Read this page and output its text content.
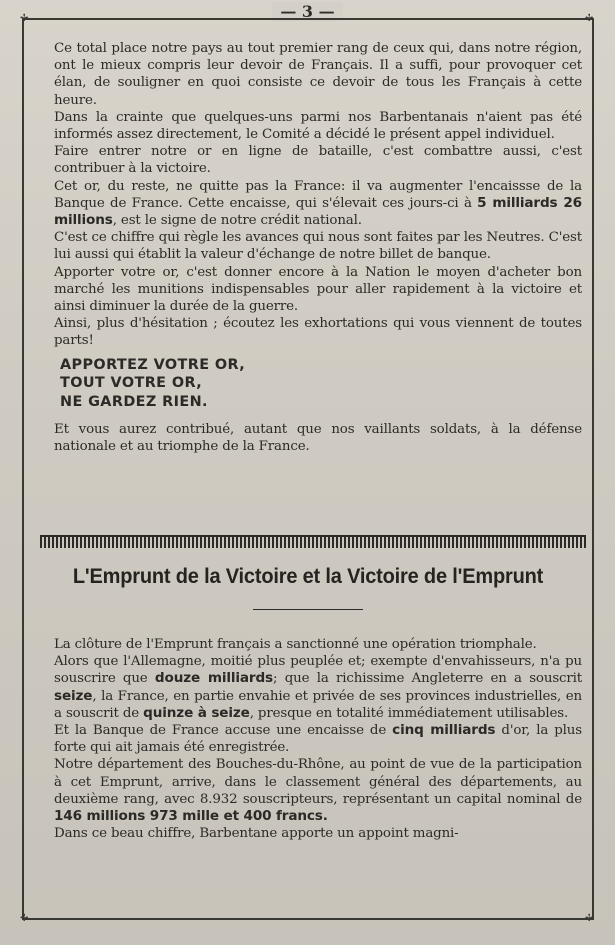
— 3 —
✢	✢
✢	✢

Ce total place notre pays au tout premier rang de ceux qui, dans notre région, ont le mieux compris leur devoir de Français. Il a suffi, pour provoquer cet élan, de souligner en quoi consiste ce devoir de tous les Français à cette heure.

Dans la crainte que quelques-uns parmi nos Barbentanais n'aient pas été informés assez directement, le Comité a décidé le présent appel individuel.

Faire entrer notre or en ligne de bataille, c'est combattre aussi, c'est contribuer à la victoire.

Cet or, du reste, ne quitte pas la France: il va augmenter l'encaissse de la Banque de France. Cette encaisse, qui s'élevait ces jours-ci à 5 milliards 26 millions, est le signe de notre crédit national.

C'est ce chiffre qui règle les avances qui nous sont faites par les Neutres. C'est lui aussi qui établit la valeur d'échange de notre billet de banque.

Apporter votre or, c'est donner encore à la Nation le moyen d'acheter bon marché les munitions indispensables pour aller rapidement à la victoire et ainsi diminuer la durée de la guerre.

Ainsi, plus d'hésitation ; écoutez les exhortations qui vous viennent de toutes parts!

APPORTEZ VOTRE OR,
TOUT VOTRE OR,
NE GARDEZ RIEN.

Et vous aurez contribué, autant que nos vaillants soldats, à la défense nationale et au triomphe de la France.

L'Emprunt de la Victoire et la Victoire de l'Emprunt

La clôture de l'Emprunt français a sanctionné une opération triomphale.

Alors que l'Allemagne, moitié plus peuplée et; exempte d'envahisseurs, n'a pu souscrire que douze milliards; que la richissime Angleterre en a souscrit seize, la France, en partie envahie et privée de ses provinces industrielles, en a souscrit de quinze à seize, presque en totalité immédiatement utilisables.

Et la Banque de France accuse une encaisse de cinq milliards d'or, la plus forte qui ait jamais été enregistrée.

Notre département des Bouches-du-Rhône, au point de vue de la participation à cet Emprunt, arrive, dans le classement général des départements, au deuxième rang, avec 8.932 souscripteurs, représentant un capital nominal de 146 millions 973 mille et 400 francs.

Dans ce beau chiffre, Barbentane apporte un appoint magni-
